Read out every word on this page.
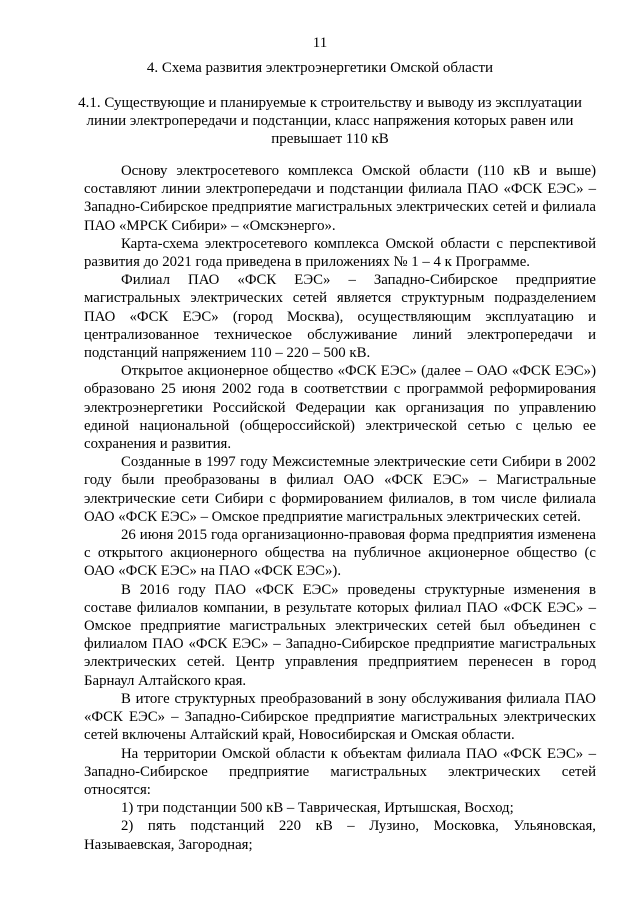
11
4. Схема развития электроэнергетики Омской области
4.1. Существующие и планируемые к строительству и выводу из эксплуатации линии электропередачи и подстанции, класс напряжения которых равен или превышает 110 кВ

Основу электросетевого комплекса Омской области (110 кВ и выше) составляют линии электропередачи и подстанции филиала ПАО «ФСК ЕЭС» – Западно-Сибирское предприятие магистральных электрических сетей и филиала ПАО «МРСК Сибири» – «Омскэнерго».

Карта-схема электросетевого комплекса Омской области с перспективой развития до 2021 года приведена в приложениях № 1 – 4 к Программе.

Филиал ПАО «ФСК ЕЭС» – Западно-Сибирское предприятие магистральных электрических сетей является структурным подразделением ПАО «ФСК ЕЭС» (город Москва), осуществляющим эксплуатацию и централизованное техническое обслуживание линий электропередачи и подстанций напряжением 110 – 220 – 500 кВ.

Открытое акционерное общество «ФСК ЕЭС» (далее – ОАО «ФСК ЕЭС») образовано 25 июня 2002 года в соответствии с программой реформирования электроэнергетики Российской Федерации как организация по управлению единой национальной (общероссийской) электрической сетью с целью ее сохранения и развития.

Созданные в 1997 году Межсистемные электрические сети Сибири в 2002 году были преобразованы в филиал ОАО «ФСК ЕЭС» – Магистральные электрические сети Сибири с формированием филиалов, в том числе филиала ОАО «ФСК ЕЭС» – Омское предприятие магистральных электрических сетей.

26 июня 2015 года организационно-правовая форма предприятия изменена с открытого акционерного общества на публичное акционерное общество (с ОАО «ФСК ЕЭС» на ПАО «ФСК ЕЭС»).

В 2016 году ПАО «ФСК ЕЭС» проведены структурные изменения в составе филиалов компании, в результате которых филиал ПАО «ФСК ЕЭС» – Омское предприятие магистральных электрических сетей был объединен с филиалом ПАО «ФСК ЕЭС» – Западно-Сибирское предприятие магистральных электрических сетей. Центр управления предприятием перенесен в город Барнаул Алтайского края.

В итоге структурных преобразований в зону обслуживания филиала ПАО «ФСК ЕЭС» – Западно-Сибирское предприятие магистральных электрических сетей включены Алтайский край, Новосибирская и Омская области.

На территории Омской области к объектам филиала ПАО «ФСК ЕЭС» – Западно-Сибирское предприятие магистральных электрических сетей относятся:

1) три подстанции 500 кВ – Таврическая, Иртышская, Восход;

2) пять подстанций 220 кВ – Лузино, Московка, Ульяновская, Называевская, Загородная;
